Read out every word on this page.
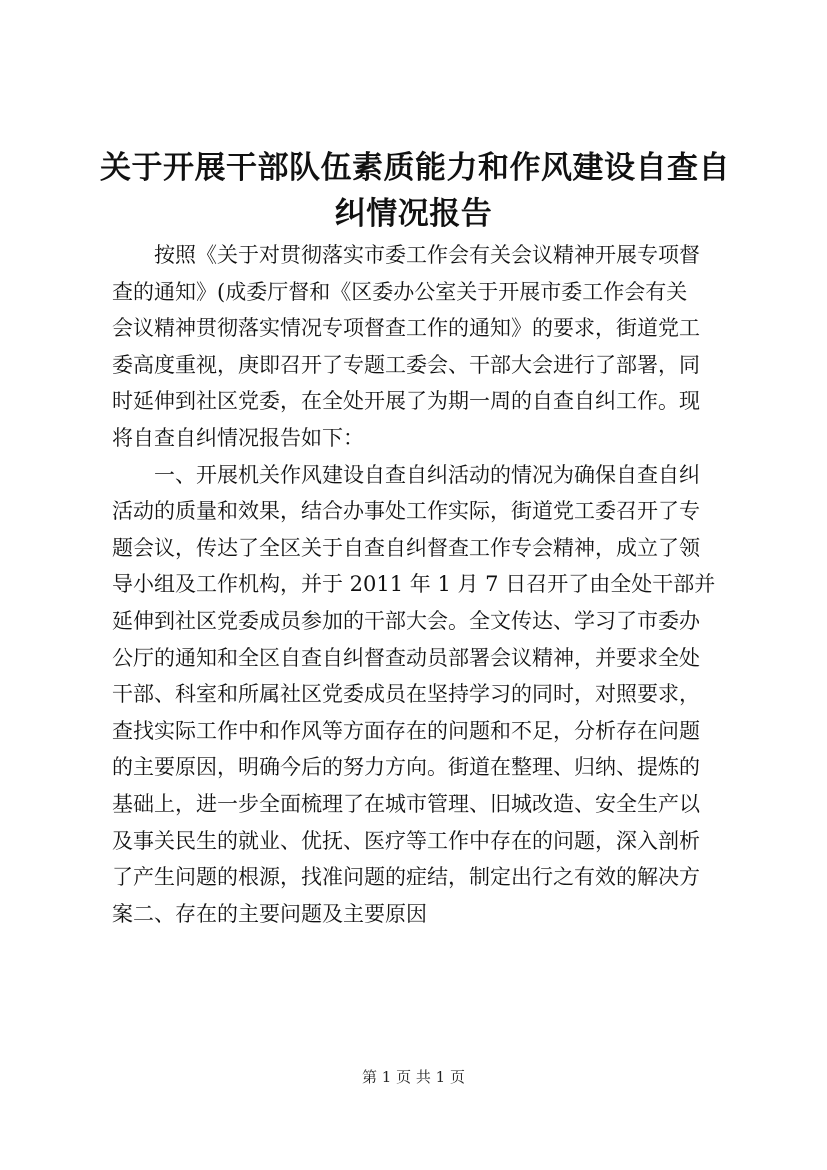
关于开展干部队伍素质能力和作风建设自查自
纠情况报告
　　按照《关于对贯彻落实市委工作会有关会议精神开展专项督
查的通知》(成委厅督和《区委办公室关于开展市委工作会有关
会议精神贯彻落实情况专项督查工作的通知》的要求，街道党工
委高度重视，庚即召开了专题工委会、干部大会进行了部署，同
时延伸到社区党委，在全处开展了为期一周的自查自纠工作。现
将自查自纠情况报告如下：
　　一、开展机关作风建设自查自纠活动的情况为确保自查自纠
活动的质量和效果，结合办事处工作实际，街道党工委召开了专
题会议，传达了全区关于自查自纠督查工作专会精神，成立了领
导小组及工作机构，并于 2011 年 1 月 7 日召开了由全处干部并
延伸到社区党委成员参加的干部大会。全文传达、学习了市委办
公厅的通知和全区自查自纠督查动员部署会议精神，并要求全处
干部、科室和所属社区党委成员在坚持学习的同时，对照要求，
查找实际工作中和作风等方面存在的问题和不足，分析存在问题
的主要原因，明确今后的努力方向。街道在整理、归纳、提炼的
基础上，进一步全面梳理了在城市管理、旧城改造、安全生产以
及事关民生的就业、优抚、医疗等工作中存在的问题，深入剖析
了产生问题的根源，找准问题的症结，制定出行之有效的解决方
案二、存在的主要问题及主要原因
第 1 页 共 1 页
